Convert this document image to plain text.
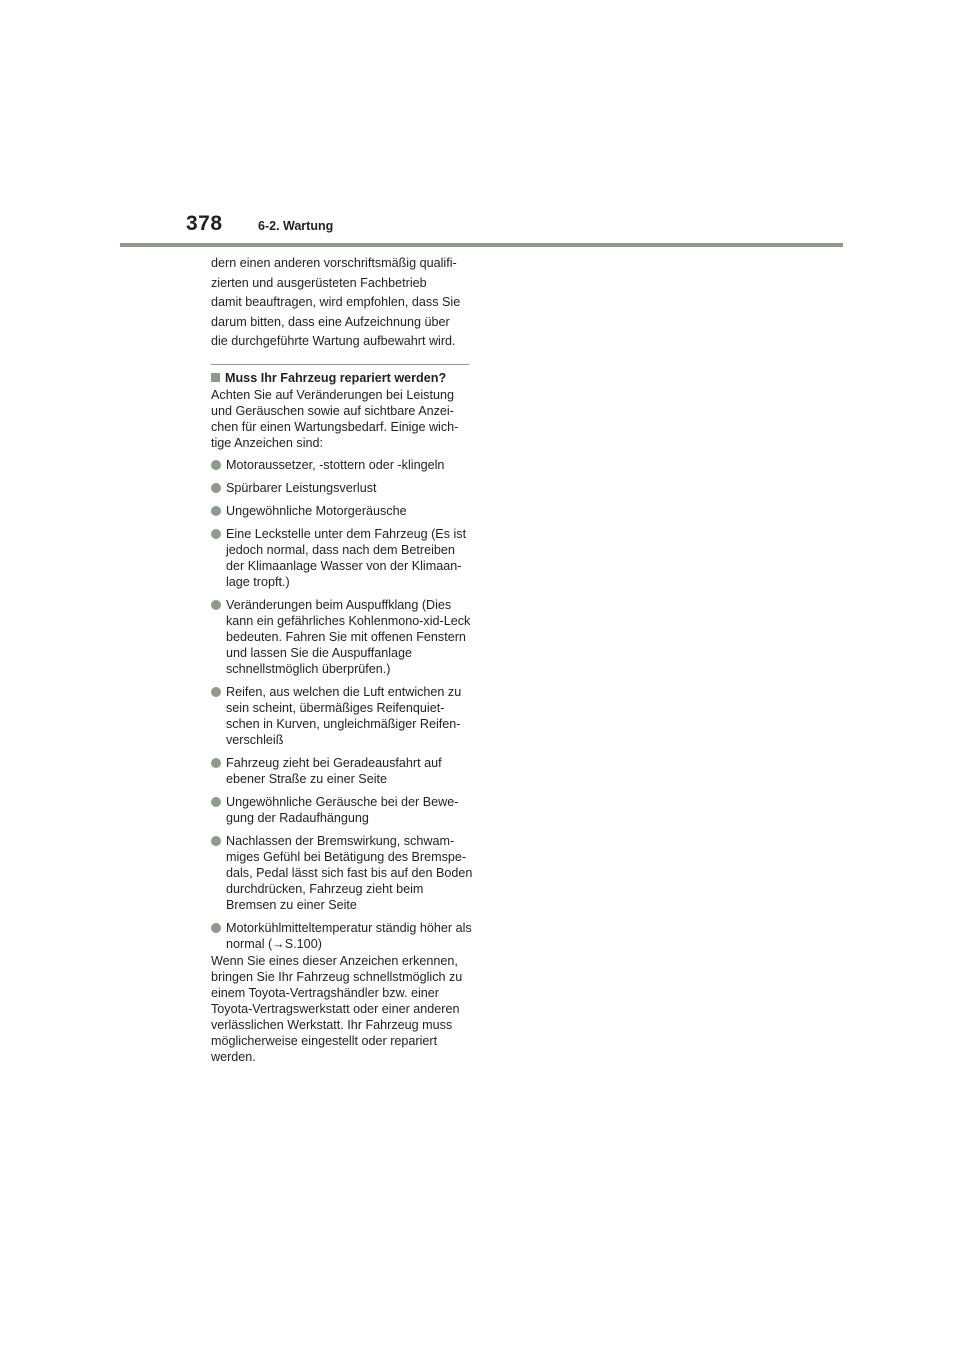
378	6-2. Wartung
dern einen anderen vorschriftsmäßig qualifi-
zierten und ausgerüsteten Fachbetrieb
damit beauftragen, wird empfohlen, dass Sie
darum bitten, dass eine Aufzeichnung über
die durchgeführte Wartung aufbewahrt wird.
Muss Ihr Fahrzeug repariert werden?

Achten Sie auf Veränderungen bei Leistung und Geräuschen sowie auf sichtbare Anzei-chen für einen Wartungsbedarf. Einige wich-tige Anzeichen sind:

Motoraussetzer, -stottern oder -klingeln
Spürbarer Leistungsverlust
Ungewöhnliche Motorgeräusche
Eine Leckstelle unter dem Fahrzeug (Es ist jedoch normal, dass nach dem Betreiben der Klimaanlage Wasser von der Klimaan-lage tropft.)
Veränderungen beim Auspuffklang (Dies kann ein gefährliches Kohlenmono-xid-Leck bedeuten. Fahren Sie mit offenen Fenstern und lassen Sie die Auspuffanlage schnellstmöglich überprüfen.)
Reifen, aus welchen die Luft entwichen zu sein scheint, übermäßiges Reifenquiet-schen in Kurven, ungleichmäßiger Reifen-verschleiß
Fahrzeug zieht bei Geradeausfahrt auf ebener Straße zu einer Seite
Ungewöhnliche Geräusche bei der Bewe-gung der Radaufhängung
Nachlassen der Bremswirkung, schwam-miges Gefühl bei Betätigung des Bremspe-dals, Pedal lässt sich fast bis auf den Boden durchdrücken, Fahrzeug zieht beim Bremsen zu einer Seite
Motorkühlmitteltemperatur ständig höher als normal (→S.100)

Wenn Sie eines dieser Anzeichen erkennen, bringen Sie Ihr Fahrzeug schnellstmöglich zu einem Toyota-Vertragshändler bzw. einer Toyota-Vertragswerkstatt oder einer anderen verlässlichen Werkstatt. Ihr Fahrzeug muss möglicherweise eingestellt oder repariert werden.
